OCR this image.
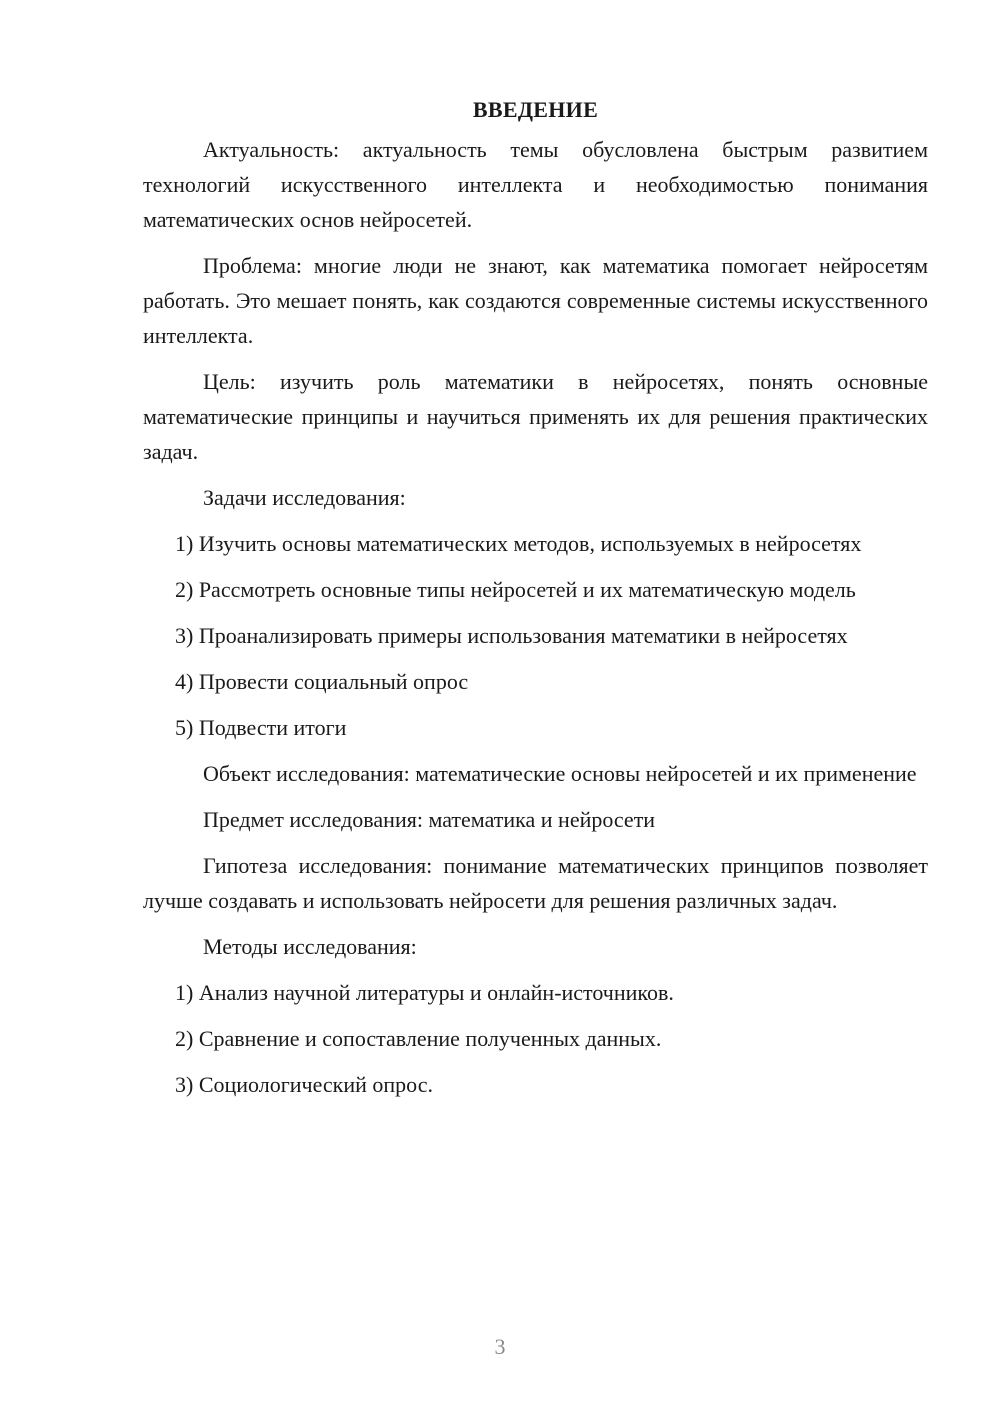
ВВЕДЕНИЕ

Актуальность: актуальность темы обусловлена быстрым развитием технологий искусственного интеллекта и необходимостью понимания математических основ нейросетей.

Проблема: многие люди не знают, как математика помогает нейросетям работать. Это мешает понять, как создаются современные системы искусственного интеллекта.

Цель: изучить роль математики в нейросетях, понять основные математические принципы и научиться применять их для решения практических задач.

Задачи исследования:

1) Изучить основы математических методов, используемых в нейросетях

2) Рассмотреть основные типы нейросетей и их математическую модель

3) Проанализировать примеры использования математики в нейросетях

4) Провести социальный опрос

5) Подвести итоги

Объект исследования: математические основы нейросетей и их применение

Предмет исследования: математика и нейросети

Гипотеза исследования: понимание математических принципов позволяет лучше создавать и использовать нейросети для решения различных задач.

Методы исследования:

1) Анализ научной литературы и онлайн-источников.

2) Сравнение и сопоставление полученных данных.

3) Социологический опрос.

3
